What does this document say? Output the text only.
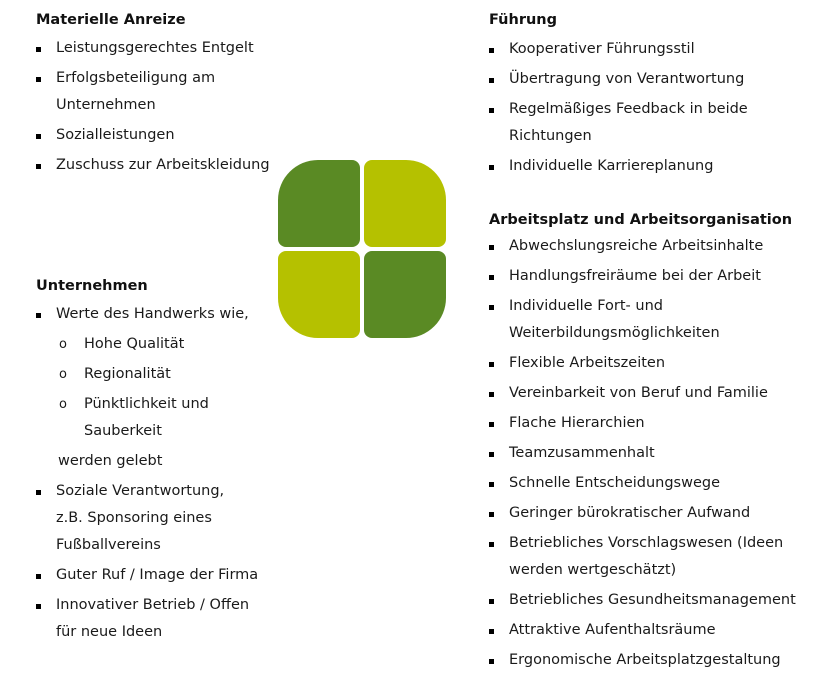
Materielle Anreize
Leistungsgerechtes Entgelt
Erfolgsbeteiligung am Unternehmen
Sozialleistungen
Zuschuss zur Arbeitskleidung
Unternehmen
Werte des Handwerks wie,
o Hohe Qualität
o Regionalität
o Pünktlichkeit und Sauberkeit
werden gelebt
Soziale Verantwortung, z.B. Sponsoring eines Fußballvereins
Guter Ruf / Image der Firma
Innovativer Betrieb / Offen für neue Ideen
Führung
Kooperativer Führungsstil
Übertragung von Verantwortung
Regelmäßiges Feedback in beide Richtungen
Individuelle Karriereplanung
Arbeitsplatz und Arbeitsorganisation
Abwechslungsreiche Arbeitsinhalte
Handlungsfreiräume bei der Arbeit
Individuelle Fort- und Weiterbildungsmöglichkeiten
Flexible Arbeitszeiten
Vereinbarkeit von Beruf und Familie
Flache Hierarchien
Teamzusammenhalt
Schnelle Entscheidungswege
Geringer bürokratischer Aufwand
Betriebliches Vorschlagswesen (Ideen werden wertgeschätzt)
Betriebliches Gesundheitsmanagement
Attraktive Aufenthaltsräume
Ergonomische Arbeitsplatzgestaltung
